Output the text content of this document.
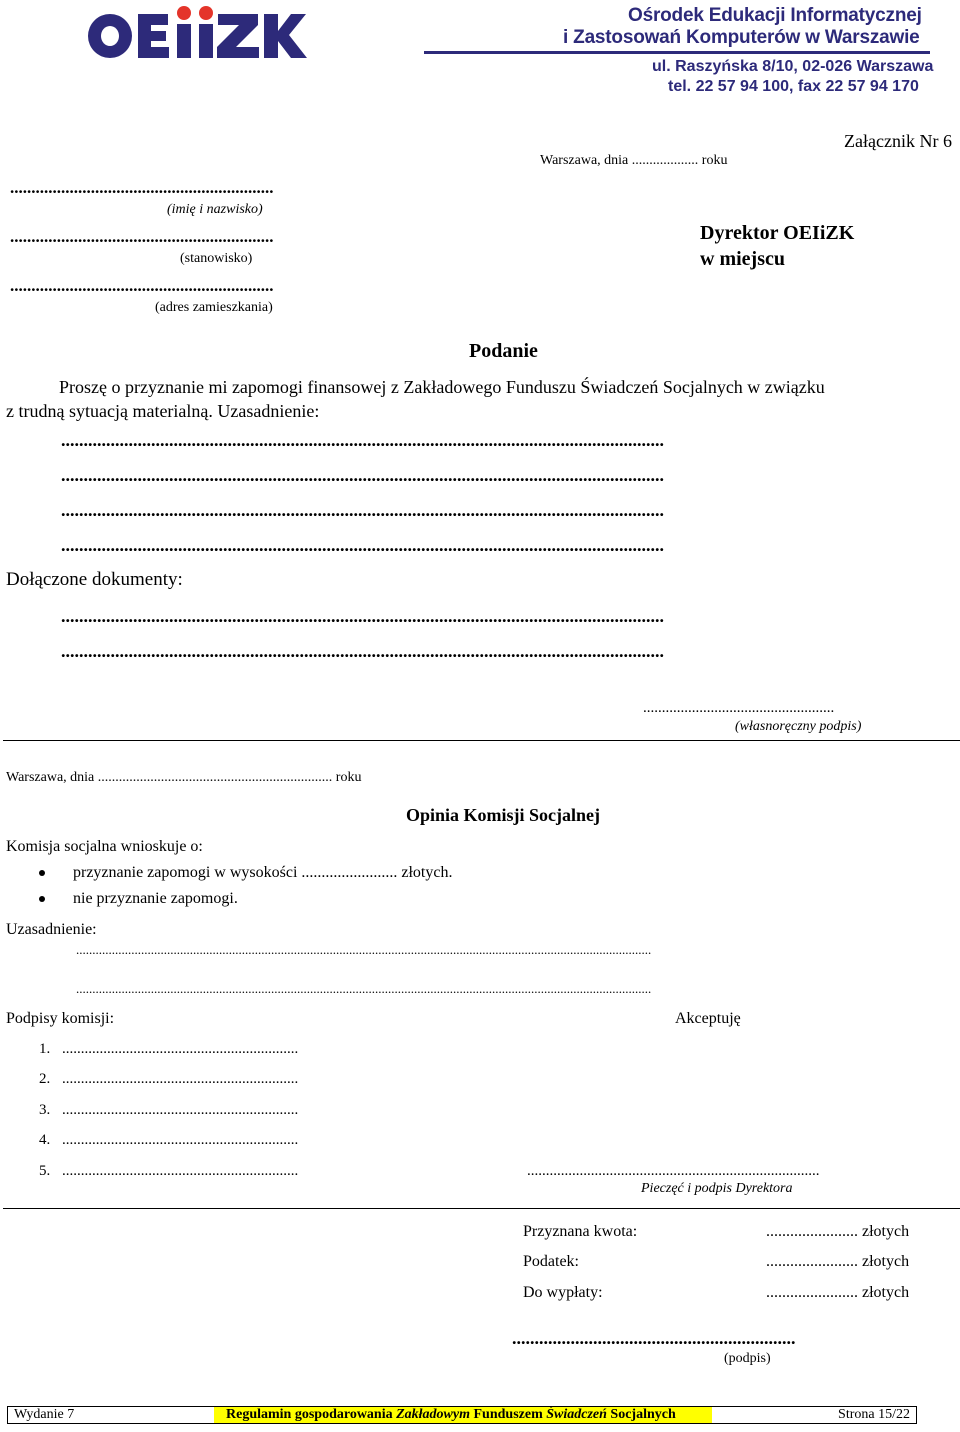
Ośrodek Edukacji Informatycznej
i Zastosowań Komputerów w Warszawie
ul. Raszyńska 8/10, 02-026 Warszawa
tel. 22 57 94 100, fax 22 57 94 170
Załącznik Nr 6
Warszawa, dnia ................... roku
..............................................................
(imię i nazwisko)
..............................................................
(stanowisko)
..............................................................
(adres zamieszkania)
Dyrektor OEIiZK
w miejscu
Podanie
Proszę o przyznanie mi zapomogi finansowej z Zakładowego Funduszu Świadczeń Socjalnych w związku
z trudną sytuacją materialną. Uzasadnienie:
......................................................................................................................................
......................................................................................................................................
......................................................................................................................................
......................................................................................................................................
Dołączone dokumenty:
......................................................................................................................................
......................................................................................................................................
...................................................
(własnoręczny podpis)
Warszawa, dnia ................................................................... roku
Opinia Komisji Socjalnej
Komisja socjalna wnioskuje o:
przyznanie zapomogi w wysokości ........................ złotych.
nie przyznanie zapomogi.
Uzasadnienie:
.................................................................................................................................................................................
.................................................................................................................................................................................
Podpisy komisji:	Akceptuję
1. ...............................................................
2. ...............................................................
3. ...............................................................
4. ...............................................................
5. ...............................................................	..............................................................................
Pieczęć i podpis Dyrektora
Przyznana kwota:	....................... złotych
Podatek:	....................... złotych
Do wypłaty:	....................... złotych
...............................................................
(podpis)
Wydanie 7	Regulamin gospodarowania Zakładowym Funduszem Świadczeń Socjalnych	Strona 15/22
